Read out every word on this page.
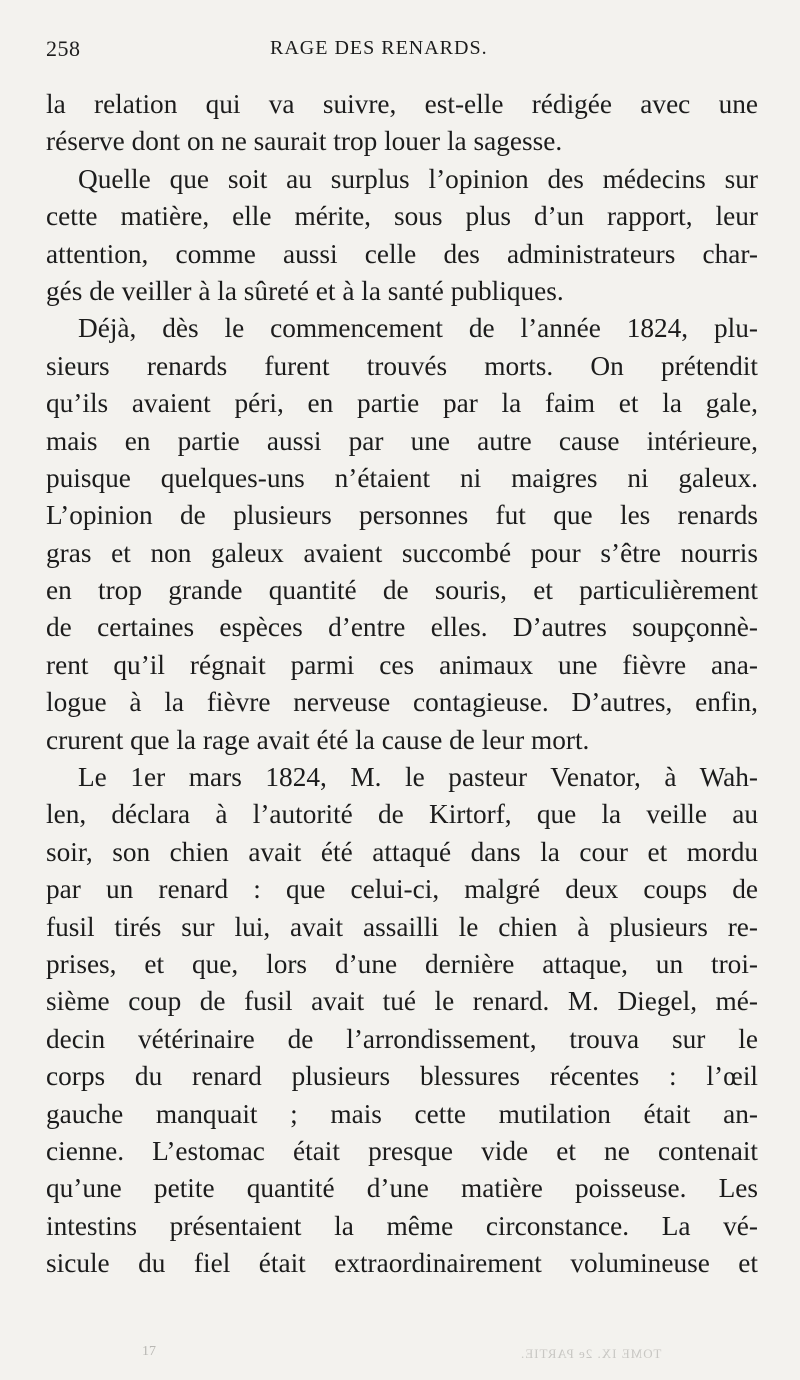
258	RAGE DES RENARDS.
la relation qui va suivre, est-elle rédigée avec une
réserve dont on ne saurait trop louer la sagesse.
Quelle que soit au surplus l’opinion des médecins sur
cette matière, elle mérite, sous plus d’un rapport, leur
attention, comme aussi celle des administrateurs char-
gés de veiller à la sûreté et à la santé publiques.
Déjà, dès le commencement de l’année 1824, plu-
sieurs renards furent trouvés morts. On prétendit
qu’ils avaient péri, en partie par la faim et la gale,
mais en partie aussi par une autre cause intérieure,
puisque quelques-uns n’étaient ni maigres ni galeux.
L’opinion de plusieurs personnes fut que les renards
gras et non galeux avaient succombé pour s’être nourris
en trop grande quantité de souris, et particulièrement
de certaines espèces d’entre elles. D’autres soupçonnè-
rent qu’il régnait parmi ces animaux une fièvre ana-
logue à la fièvre nerveuse contagieuse. D’autres, enfin,
crurent que la rage avait été la cause de leur mort.
Le 1er mars 1824, M. le pasteur Venator, à Wah-
len, déclara à l’autorité de Kirtorf, que la veille au
soir, son chien avait été attaqué dans la cour et mordu
par un renard : que celui-ci, malgré deux coups de
fusil tirés sur lui, avait assailli le chien à plusieurs re-
prises, et que, lors d’une dernière attaque, un troi-
sième coup de fusil avait tué le renard. M. Diegel, mé-
decin vétérinaire de l’arrondissement, trouva sur le
corps du renard plusieurs blessures récentes : l’œil
gauche manquait ; mais cette mutilation était an-
cienne. L’estomac était presque vide et ne contenait
qu’une petite quantité d’une matière poisseuse. Les
intestins présentaient la même circonstance. La vé-
sicule du fiel était extraordinairement volumineuse et
17	TOME IX. 2e PARTIE.
